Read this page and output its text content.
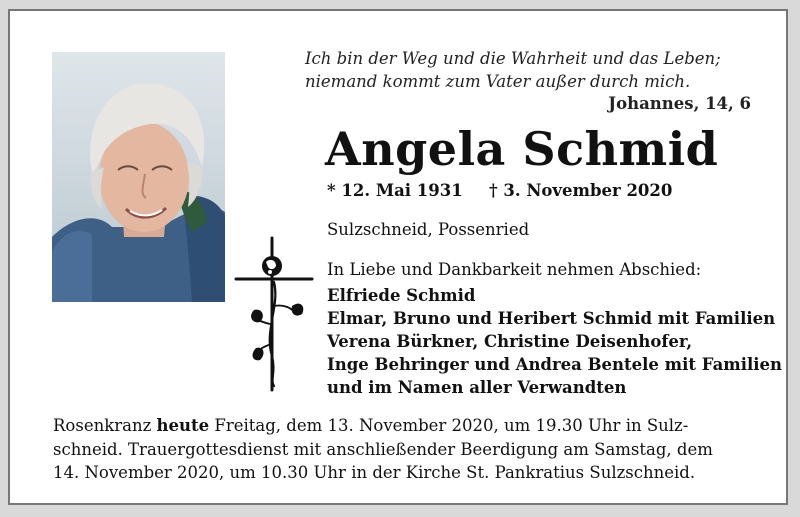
Ich bin der Weg und die Wahrheit und das Leben;
niemand kommt zum Vater außer durch mich.
Johannes, 14, 6
Angela Schmid
* 12. Mai 1931 † 3. November 2020
Sulzschneid, Possenried
In Liebe und Dankbarkeit nehmen Abschied:
Elfriede Schmid
Elmar, Bruno und Heribert Schmid mit Familien
Verena Bürkner, Christine Deisenhofer,
Inge Behringer und Andrea Bentele mit Familien
und im Namen aller Verwandten
Rosenkranz heute Freitag, dem 13. November 2020, um 19.30 Uhr in Sulz-
schneid. Trauergottesdienst mit anschließender Beerdigung am Samstag, dem
14. November 2020, um 10.30 Uhr in der Kirche St. Pankratius Sulzschneid.
